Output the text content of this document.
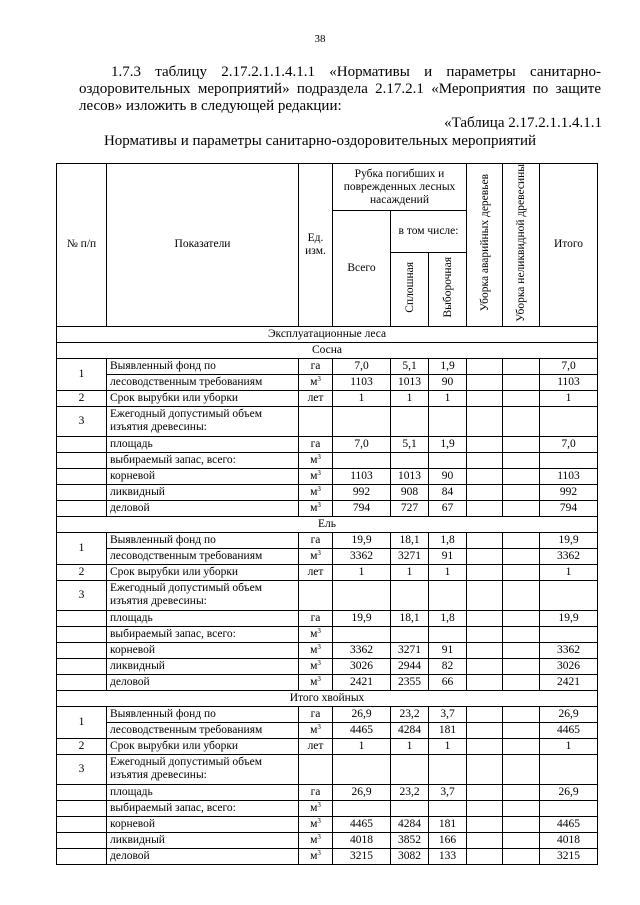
38
1.7.3 таблицу 2.17.2.1.1.4.1.1 «Нормативы и параметры санитарно-оздоровительных мероприятий» подраздела 2.17.2.1 «Мероприятия по защите лесов» изложить в следующей редакции:
«Таблица 2.17.2.1.1.4.1.1
Нормативы и параметры санитарно-оздоровительных мероприятий
№ п/п	Показатели	Ед. изм.	Рубка погибших и поврежденных лесных насаждений			Уборка аварийных деревьев	Уборка неликвидной древесины	Итого
			Всего	в том числе:				
				Сплошная	Выборочная			
Эксплуатационные леса								
Сосна								
1	Выявленный фонд по	га	7,0	5,1	1,9			7,0
	лесоводственным требованиям	$м^3$	1103	1013	90			1103
2	Срок вырубки или уборки	лет	1	1	1			1
3	Ежегодный допустимый объем изъятия древесины:							
	площадь	га	7,0	5,1	1,9			7,0
	выбираемый запас, всего:	$м^3$						
	корневой	$м^3$	1103	1013	90			1103
	ликвидный	$м^3$	992	908	84			992
	деловой	$м^3$	794	727	67			794
Ель								
1	Выявленный фонд по	га	19,9	18,1	1,8			19,9
	лесоводственным требованиям	$м^3$	3362	3271	91			3362
2	Срок вырубки или уборки	лет	1	1	1			1
3	Ежегодный допустимый объем изъятия древесины:							
	площадь	га	19,9	18,1	1,8			19,9
	выбираемый запас, всего:	$м^3$						
	корневой	$м^3$	3362	3271	91			3362
	ликвидный	$м^3$	3026	2944	82			3026
	деловой	$м^3$	2421	2355	66			2421
Итого хвойных								
1	Выявленный фонд по	га	26,9	23,2	3,7			26,9
	лесоводственным требованиям	$м^3$	4465	4284	181			4465
2	Срок вырубки или уборки	лет	1	1	1			1
3	Ежегодный допустимый объем изъятия древесины:							
	площадь	га	26,9	23,2	3,7			26,9
	выбираемый запас, всего:	$м^3$						
	корневой	$м^3$	4465	4284	181			4465
	ликвидный	$м^3$	4018	3852	166			4018
	деловой	$м^3$	3215	3082	133			3215
